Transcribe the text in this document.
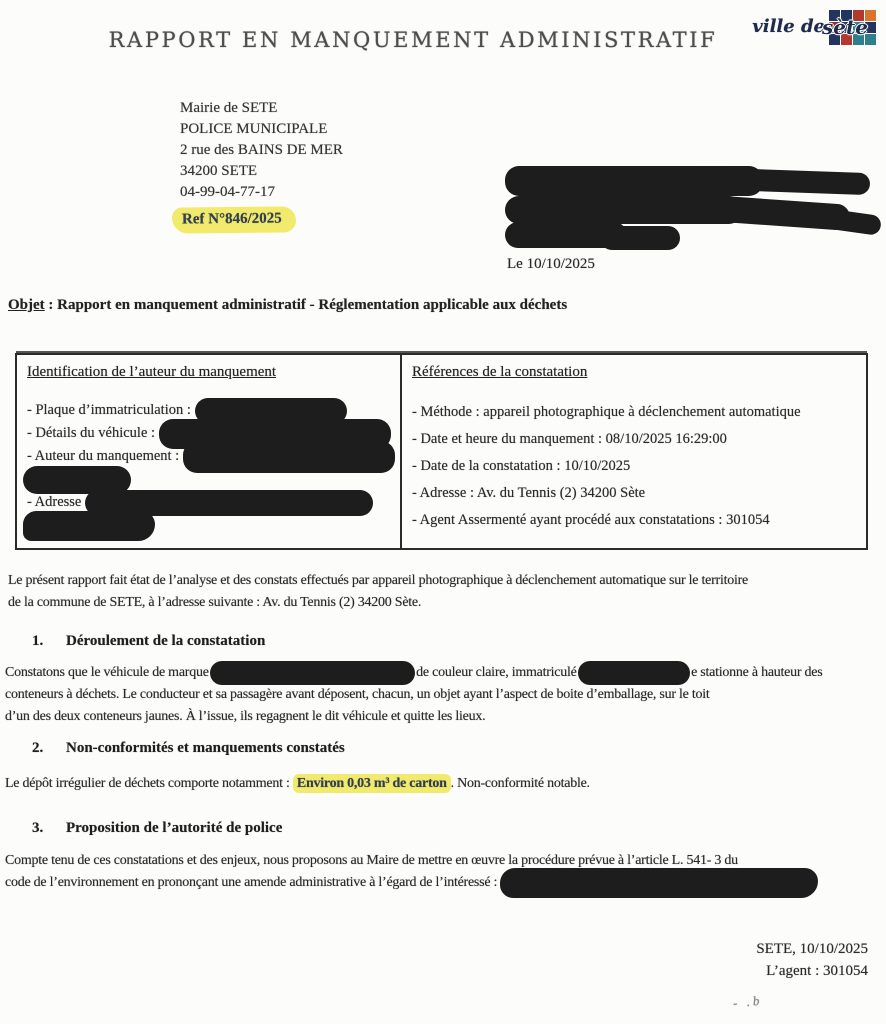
ville de
sète
RAPPORT EN MANQUEMENT ADMINISTRATIF
Mairie de SETE
POLICE MUNICIPALE
2 rue des BAINS DE MER
34200 SETE
04-99-04-77-17
Ref N°846/2025
Le 10/10/2025
Objet : Rapport en manquement administratif - Réglementation applicable aux déchets
Identification de l’auteur du manquement
- Plaque d’immatriculation :
- Détails du véhicule :
- Auteur du manquement :
- Adresse
Références de la constatation
- Méthode : appareil photographique à déclenchement automatique
- Date et heure du manquement : 08/10/2025 16:29:00
- Date de la constatation : 10/10/2025
- Adresse : Av. du Tennis (2) 34200 Sète
- Agent Assermenté ayant procédé aux constatations : 301054
Le présent rapport fait état de l’analyse et des constats effectués par appareil photographique à déclenchement automatique sur le territoire
de la commune de SETE, à l’adresse suivante : Av. du Tennis (2) 34200 Sète.
1. Déroulement de la constatation
Constatons que le véhicule de marque	de couleur claire, immatriculé	e stationne à hauteur des
conteneurs à déchets. Le conducteur et sa passagère avant déposent, chacun, un objet ayant l’aspect de boite d’emballage, sur le toit
d’un des deux conteneurs jaunes. À l’issue, ils regagnent le dit véhicule et quitte les lieux.
2. Non-conformités et manquements constatés
Le dépôt irrégulier de déchets comporte notamment : Environ 0,03 m³ de carton . Non-conformité notable.
3. Proposition de l’autorité de police
Compte tenu de ces constatations et des enjeux, nous proposons au Maire de mettre en œuvre la procédure prévue à l’article L. 541- 3 du
code de l’environnement en prononçant une amende administrative à l’égard de l’intéressé :
SETE, 10/10/2025
L’agent : 301054
- .b
